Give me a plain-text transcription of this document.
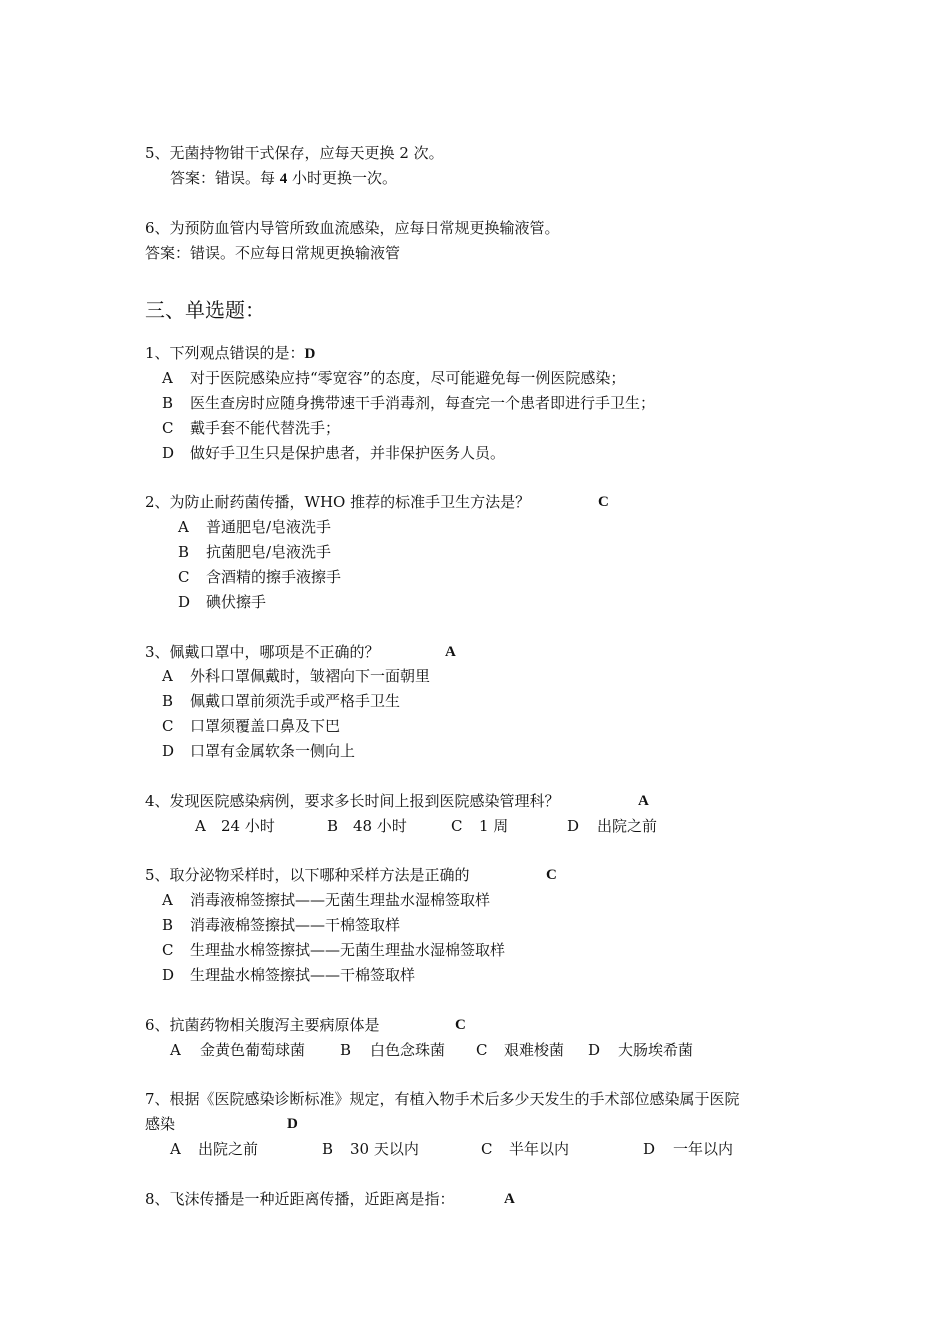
5、无菌持物钳干式保存，应每天更换 2 次。
答案：错误。每 4 小时更换一次。
6、为预防血管内导管所致血流感染，应每日常规更换输液管。
答案：错误。不应每日常规更换输液管
三、单选题：
1、下列观点错误的是：D
A 对于医院感染应持“零宽容”的态度，尽可能避免每一例医院感染；
B 医生查房时应随身携带速干手消毒剂，每查完一个患者即进行手卫生；
C 戴手套不能代替洗手；
D 做好手卫生只是保护患者，并非保护医务人员。
2、为防止耐药菌传播，WHO 推荐的标准手卫生方法是？	C
A 普通肥皂/皂液洗手
B 抗菌肥皂/皂液洗手
C 含酒精的擦手液擦手
D 碘伏擦手
3、佩戴口罩中，哪项是不正确的？	A
A 外科口罩佩戴时，皱褶向下一面朝里
B 佩戴口罩前须洗手或严格手卫生
C 口罩须覆盖口鼻及下巴
D 口罩有金属软条一侧向上
4、发现医院感染病例，要求多长时间上报到医院感染管理科？	A
A 24 小时	B 48 小时	C 1 周	D 出院之前
5、取分泌物采样时，以下哪种采样方法是正确的	C
A 消毒液棉签擦拭——无菌生理盐水湿棉签取样
B 消毒液棉签擦拭——干棉签取样
C 生理盐水棉签擦拭——无菌生理盐水湿棉签取样
D 生理盐水棉签擦拭——干棉签取样
6、抗菌药物相关腹泻主要病原体是	C
A 金黄色葡萄球菌 B 白色念珠菌 C 艰难梭菌 D 大肠埃希菌
7、根据《医院感染诊断标准》规定，有植入物手术后多少天发生的手术部位感染属于医院
感染	D
A 出院之前	B 30 天以内	C 半年以内	D 一年以内
8、飞沫传播是一种近距离传播，近距离是指：	A
